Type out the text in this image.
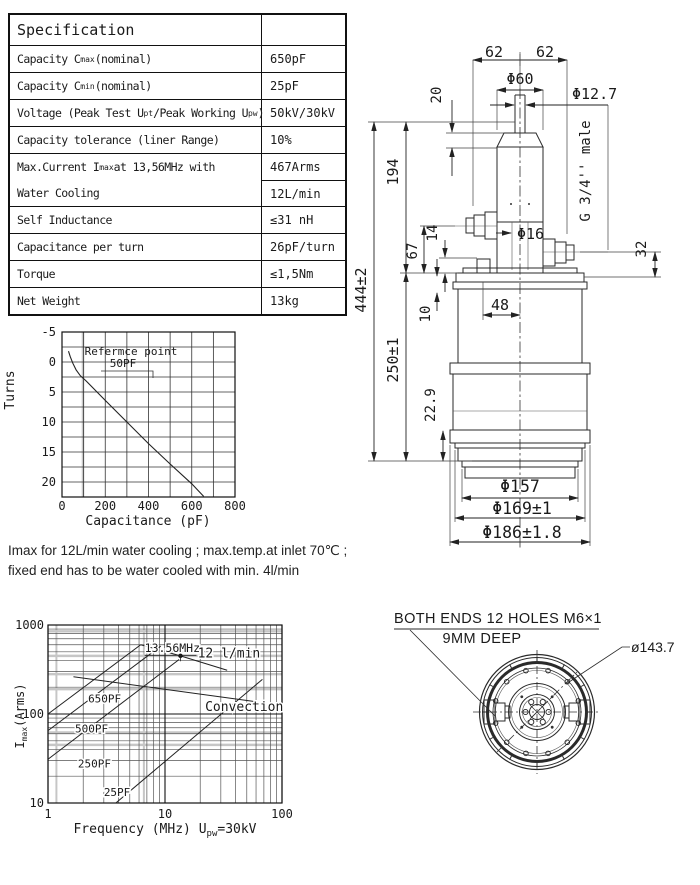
Specification
Capacity C max (nominal)	650pF
Capacity C min (nominal)	25pF
Voltage (Peak Test U pt /Peak Working U pw ) 50kV/30kV
Capacity tolerance (liner Range)	10%
Max.Current I max at 13,56MHz with	467Arms
Water Cooling	12L/min
Self Inductance	≤31 nH
Capacitance per turn	26pF/turn
Torque	≤1,5Nm
Net Weight	13kg
0 200 400 600 800
-5
0
5
10
15
20
Turns
Capacitance (pF)
Refermce point
50PF
Imax for 12L/min water cooling ; max.temp.at inlet 70℃ ;
fixed end has to be water cooled with min. 4l/min
650PF
500PF
250PF
25PF
12 l/min
Convection
13.56MHz
1	10	100
10
100
1000
Frequency (MHz) Upw=30kV
Imax(Arms)
62 62
Φ60
Φ12.7
20
194
444±2
250±1
67
14
10
22.9
G 3/4'' male
32
Φ16
48
Φ157
Φ169±1
Φ186±1.8
BOTH ENDS 12 HOLES M6×1
9MM DEEP	ø143.7
